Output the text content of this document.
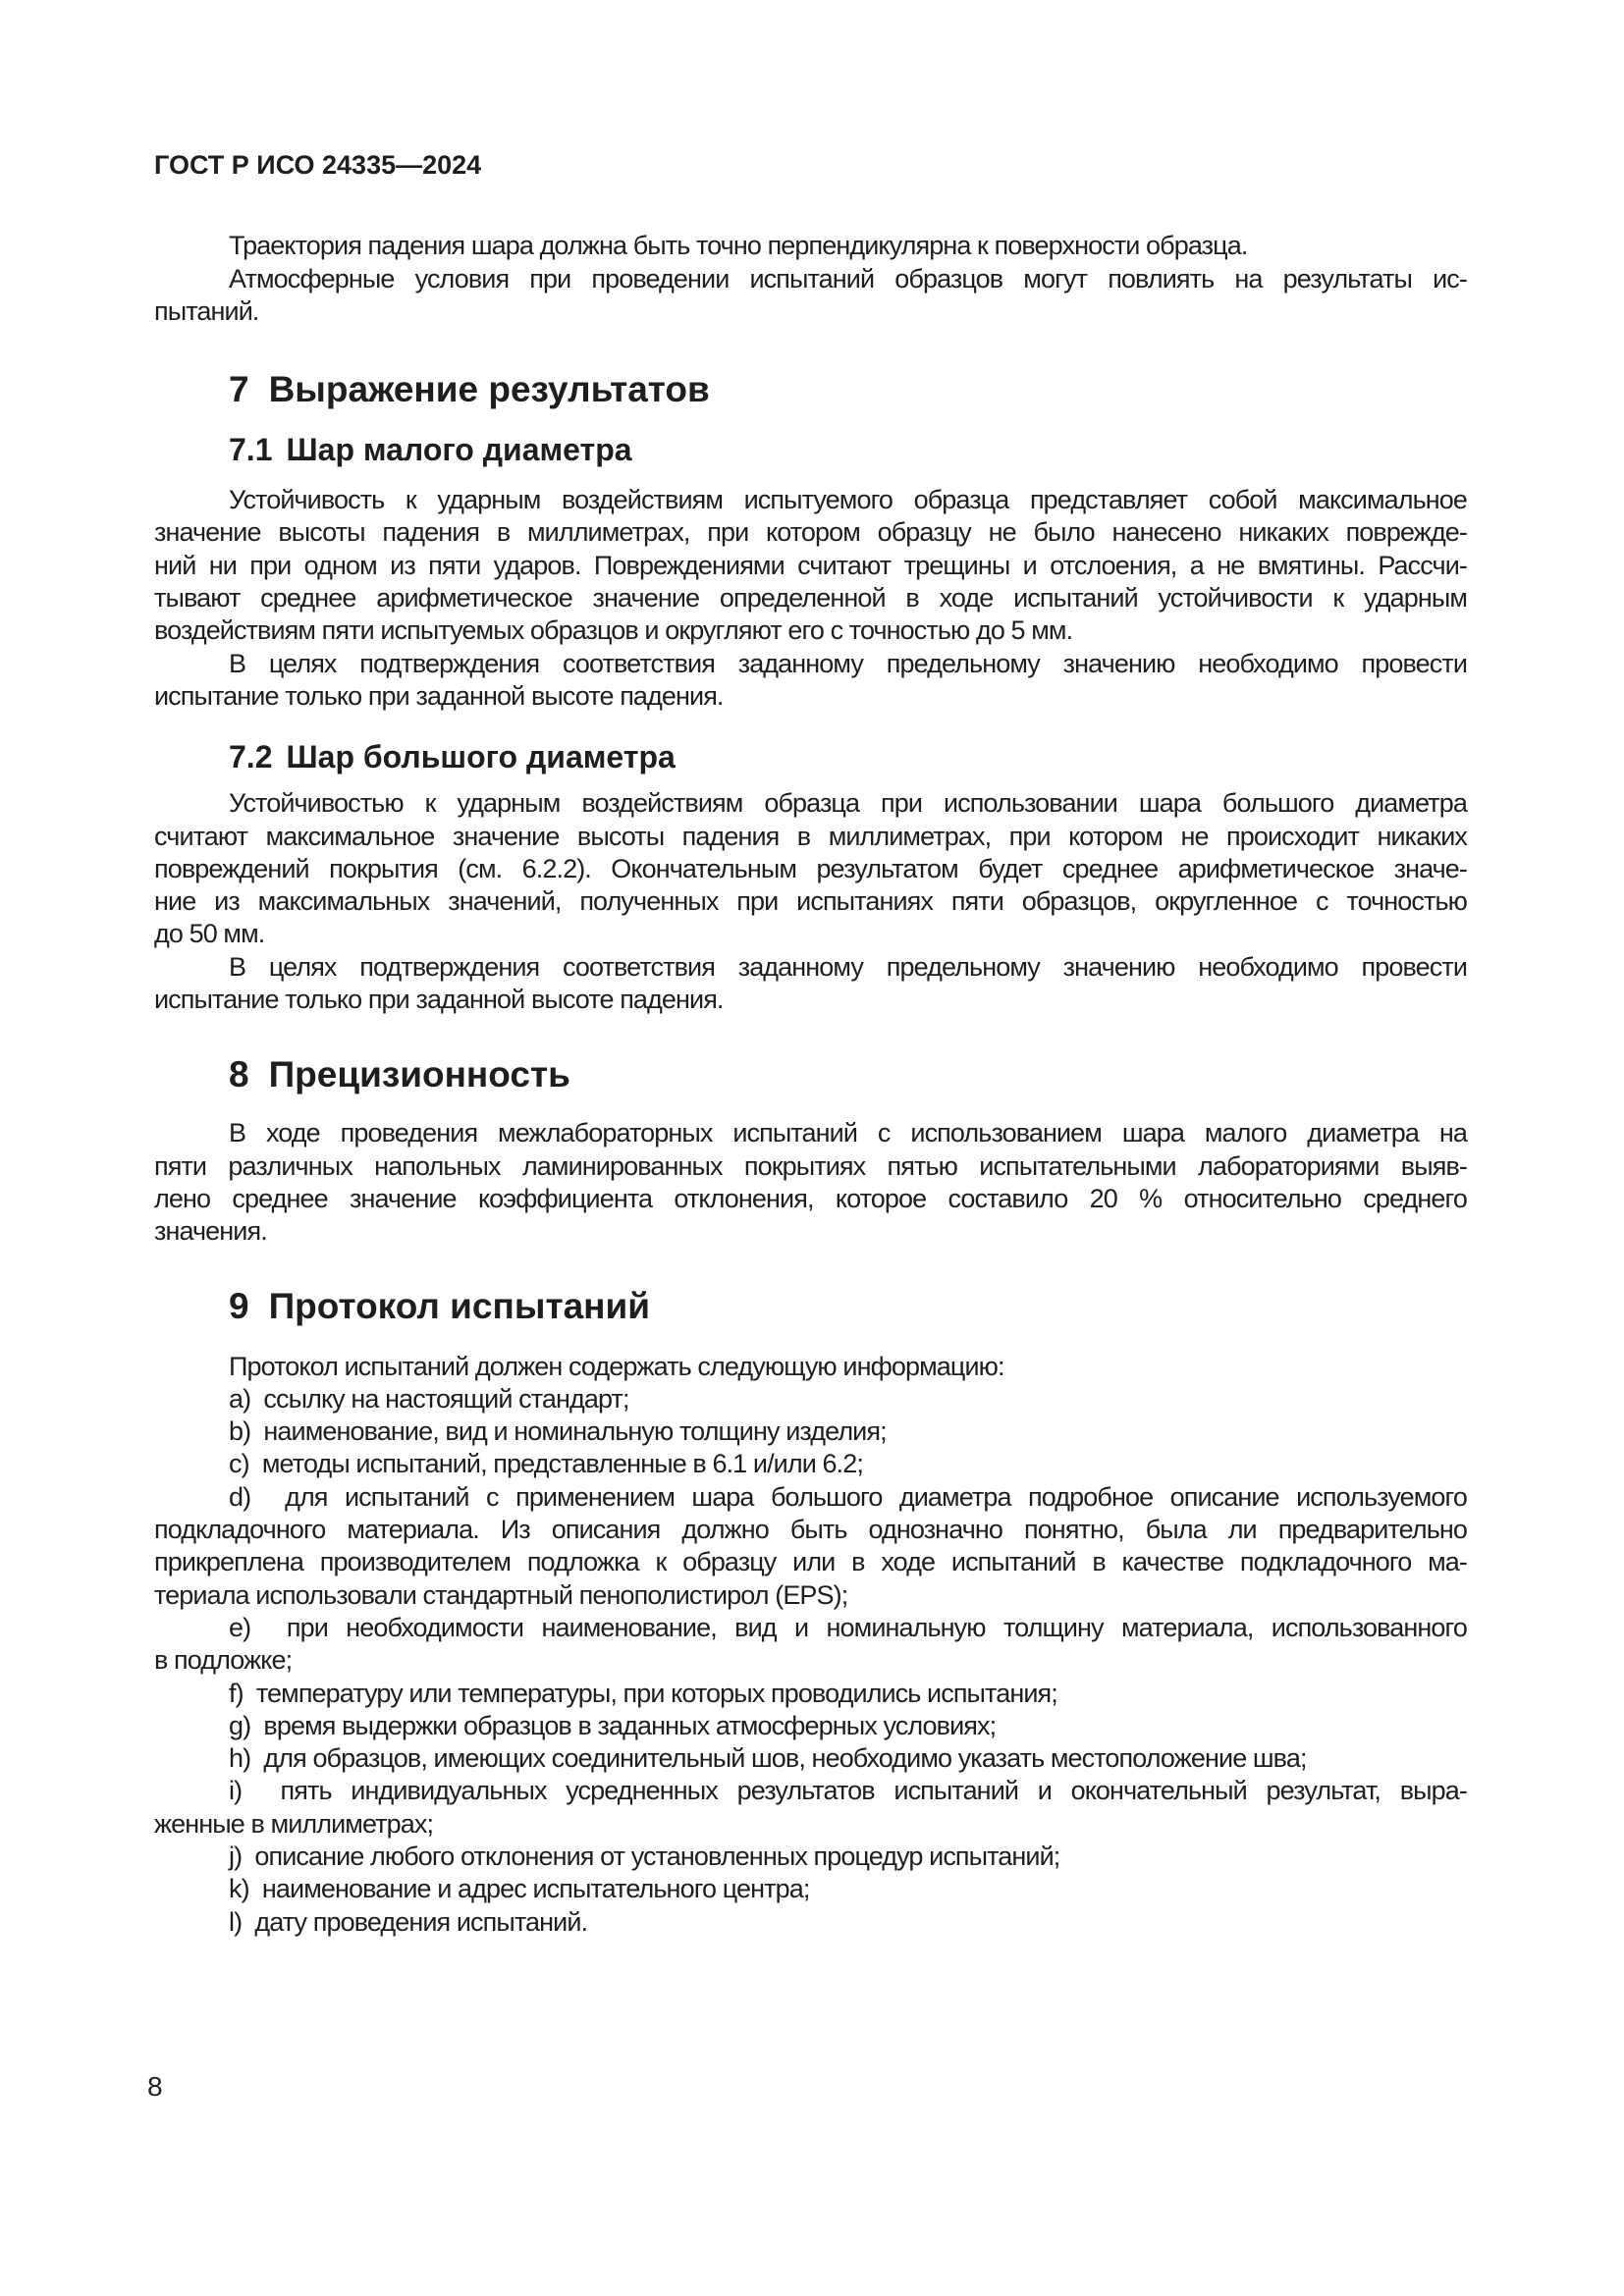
ГОСТ Р ИСО 24335—2024
Траектория падения шара должна быть точно перпендикулярна к поверхности образца.
Атмосферные условия при проведении испытаний образцов могут повлиять на результаты ис-
пытаний.
7 Выражение результатов
7.1 Шар малого диаметра
Устойчивость к ударным воздействиям испытуемого образца представляет собой максимальное
значение высоты падения в миллиметрах, при котором образцу не было нанесено никаких поврежде-
ний ни при одном из пяти ударов. Повреждениями считают трещины и отслоения, а не вмятины. Рассчи-
тывают среднее арифметическое значение определенной в ходе испытаний устойчивости к ударным
воздействиям пяти испытуемых образцов и округляют его с точностью до 5 мм.
В целях подтверждения соответствия заданному предельному значению необходимо провести
испытание только при заданной высоте падения.
7.2 Шар большого диаметра
Устойчивостью к ударным воздействиям образца при использовании шара большого диаметра
считают максимальное значение высоты падения в миллиметрах, при котором не происходит никаких
повреждений покрытия (см. 6.2.2). Окончательным результатом будет среднее арифметическое значе-
ние из максимальных значений, полученных при испытаниях пяти образцов, округленное с точностью
до 50 мм.
В целях подтверждения соответствия заданному предельному значению необходимо провести
испытание только при заданной высоте падения.
8 Прецизионность
В ходе проведения межлабораторных испытаний с использованием шара малого диаметра на
пяти различных напольных ламинированных покрытиях пятью испытательными лабораториями выяв-
лено среднее значение коэффициента отклонения, которое составило 20 % относительно среднего
значения.
9 Протокол испытаний
Протокол испытаний должен содержать следующую информацию:
a)  ссылку на настоящий стандарт;
b)  наименование, вид и номинальную толщину изделия;
c)  методы испытаний, представленные в 6.1 и/или 6.2;
d)  для испытаний с применением шара большого диаметра подробное описание используемого
подкладочного материала. Из описания должно быть однозначно понятно, была ли предварительно
прикреплена производителем подложка к образцу или в ходе испытаний в качестве подкладочного ма-
териала использовали стандартный пенополистирол (EPS);
e)  при необходимости наименование, вид и номинальную толщину материала, использованного
в подложке;
f)  температуру или температуры, при которых проводились испытания;
g)  время выдержки образцов в заданных атмосферных условиях;
h)  для образцов, имеющих соединительный шов, необходимо указать местоположение шва;
i)  пять индивидуальных усредненных результатов испытаний и окончательный результат, выра-
женные в миллиметрах;
j)  описание любого отклонения от установленных процедур испытаний;
k)  наименование и адрес испытательного центра;
l)  дату проведения испытаний.
8
